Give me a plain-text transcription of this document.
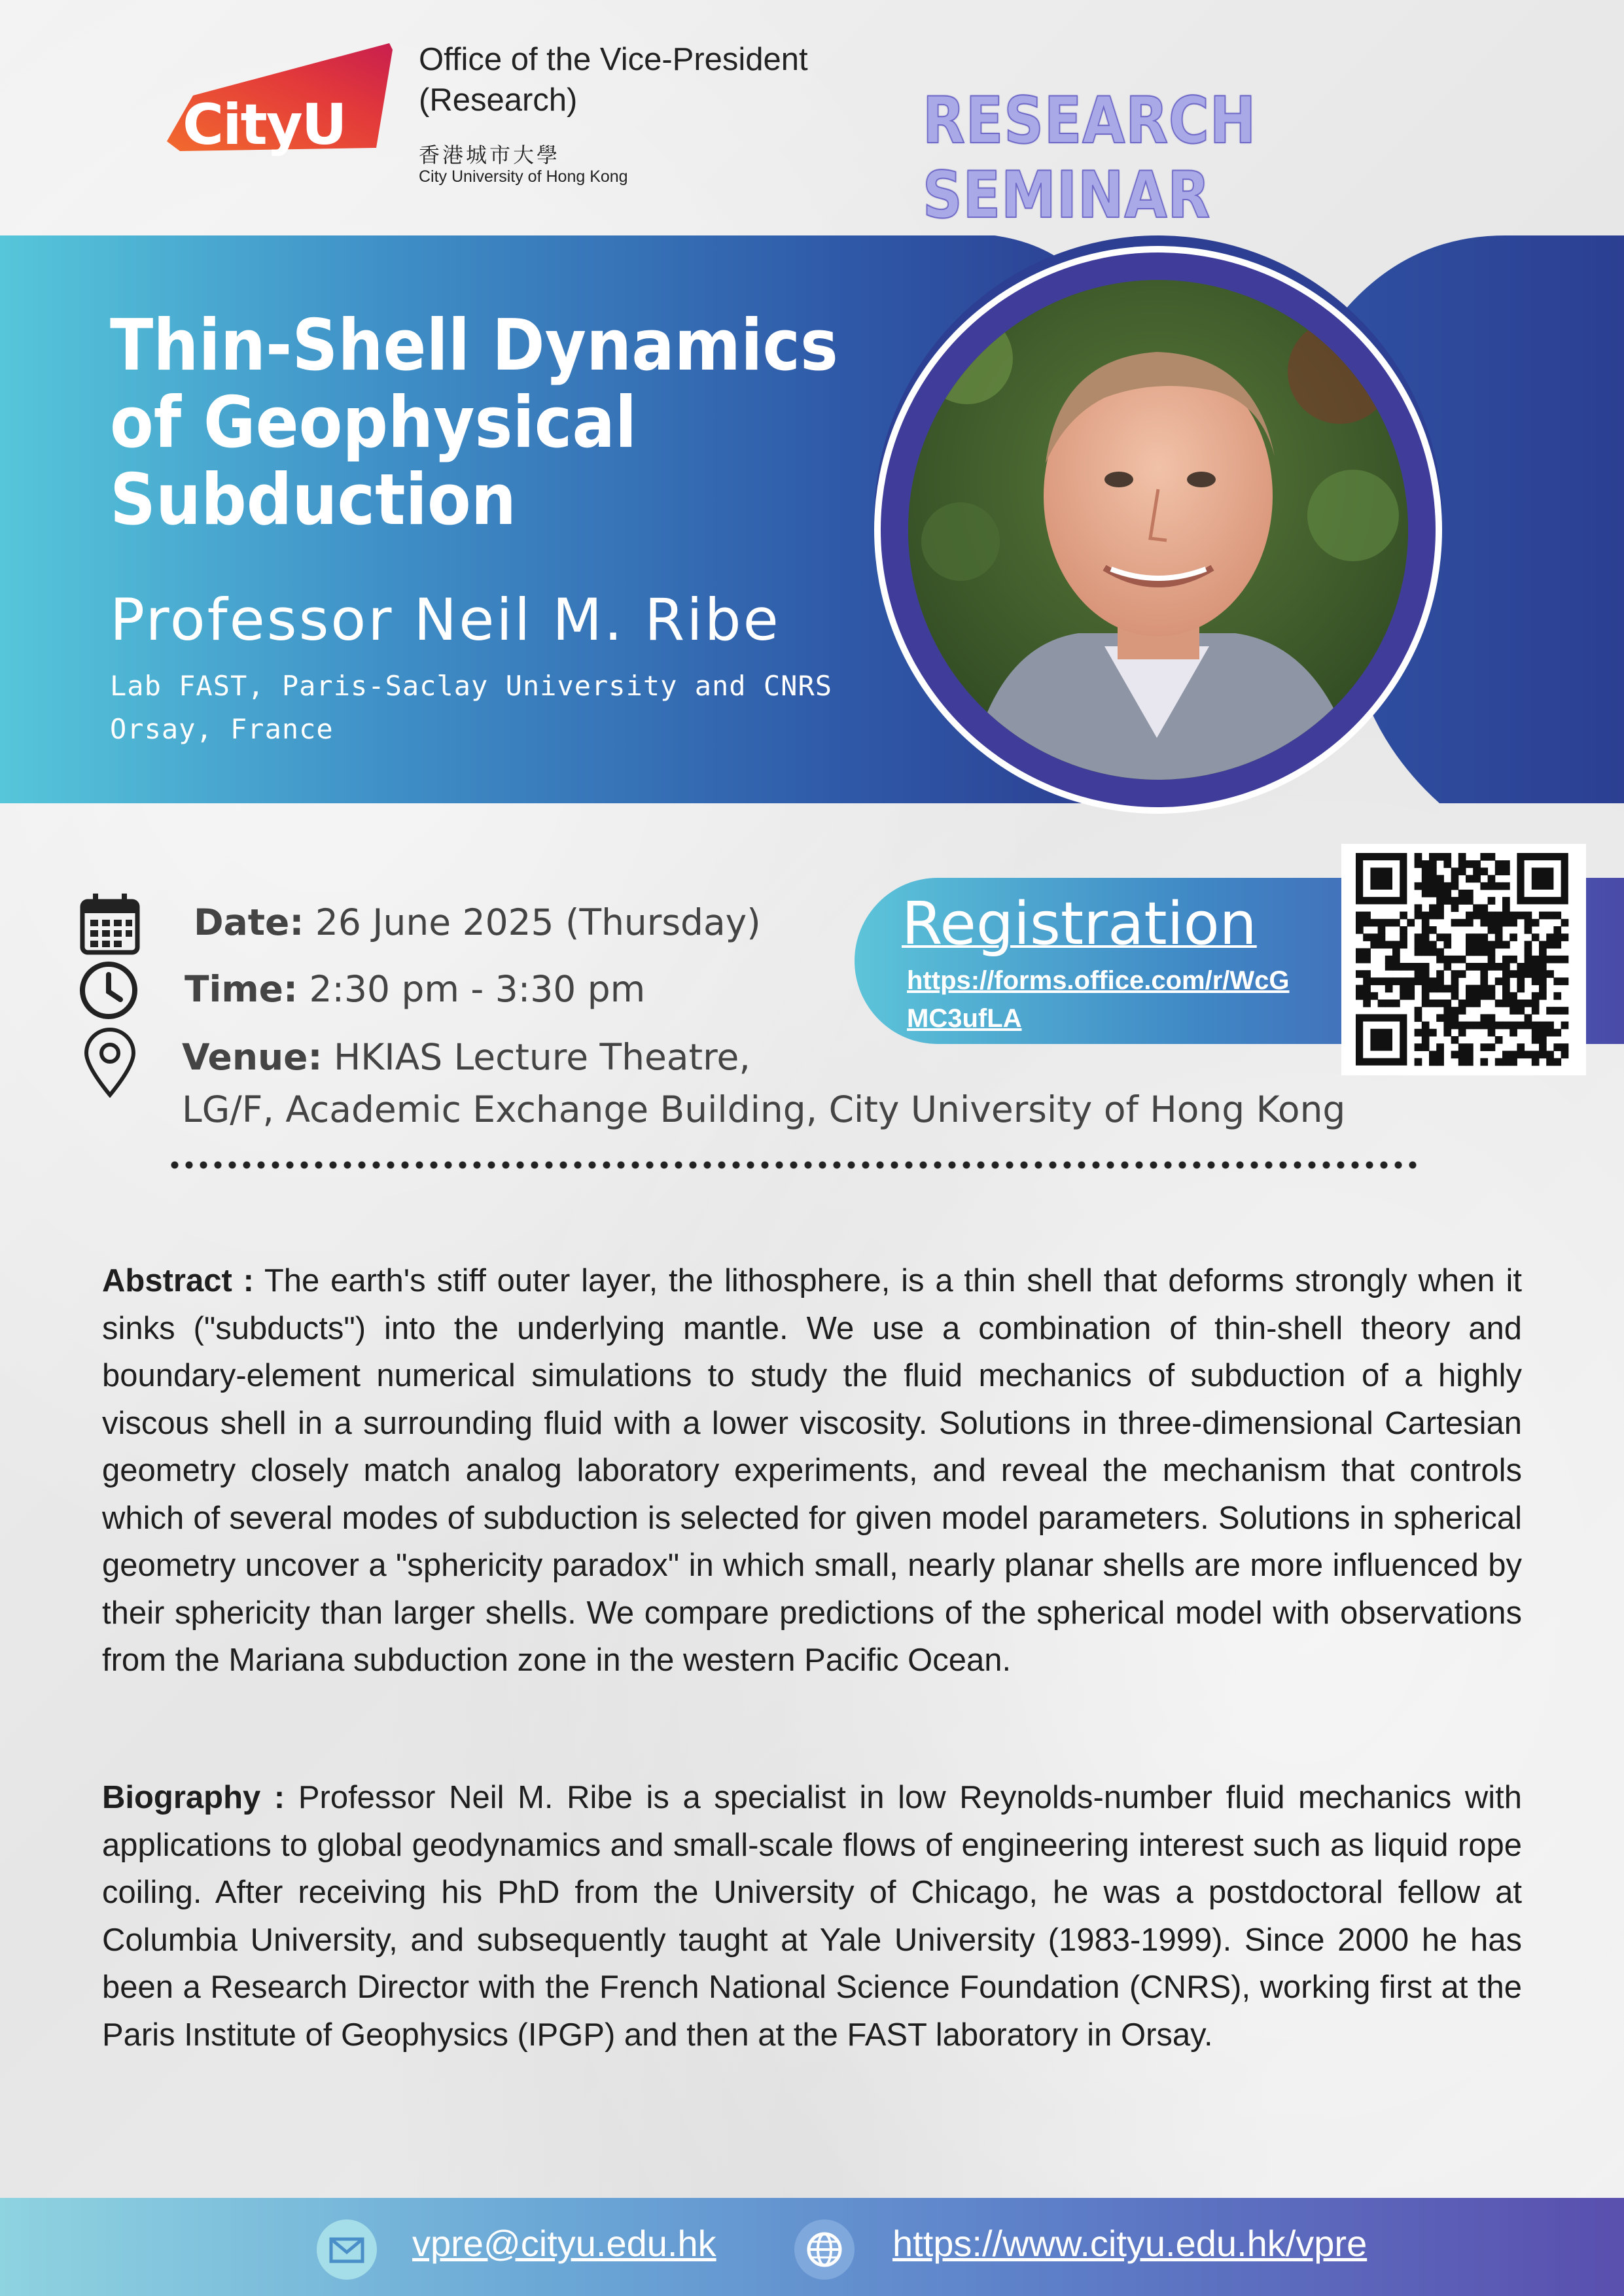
CityU
Office of the Vice-President
(Research)
香港城市大學
City University of Hong Kong
RESEARCH SEMINAR
Thin-Shell Dynamics
of Geophysical
Subduction
Professor Neil M. Ribe
Lab FAST, Paris-Saclay University and CNRS
Orsay, France
Date: 26 June 2025 (Thursday)
Time: 2:30 pm - 3:30 pm
Venue: HKIAS Lecture Theatre,
LG/F, Academic Exchange Building, City University of Hong Kong
Registration
https://forms.office.com/r/WcG
MC3ufLA
Abstract : The earth's stiff outer layer, the lithosphere, is a thin shell that deforms strongly when it sinks ("subducts") into the underlying mantle. We use a combination of thin-shell theory and boundary-element numerical simulations to study the fluid mechanics of subduction of a highly viscous shell in a surrounding fluid with a lower viscosity. Solutions in three-dimensional Cartesian geometry closely match analog laboratory experiments, and reveal the mechanism that controls which of several modes of subduction is selected for given model parameters. Solutions in spherical geometry uncover a "sphericity paradox" in which small, nearly planar shells are more influenced by their sphericity than larger shells. We compare predictions of the spherical model with observations from the Mariana subduction zone in the western Pacific Ocean.
Biography : Professor Neil M. Ribe is a specialist in low Reynolds-number fluid mechanics with applications to global geodynamics and small-scale flows of engineering interest such as liquid rope coiling. After receiving his PhD from the University of Chicago, he was a postdoctoral fellow at Columbia University, and subsequently taught at Yale University (1983-1999). Since 2000 he has been a Research Director with the French National Science Foundation (CNRS), working first at the Paris Institute of Geophysics (IPGP) and then at the FAST laboratory in Orsay.
vpre@cityu.edu.hk	https://www.cityu.edu.hk/vpre
